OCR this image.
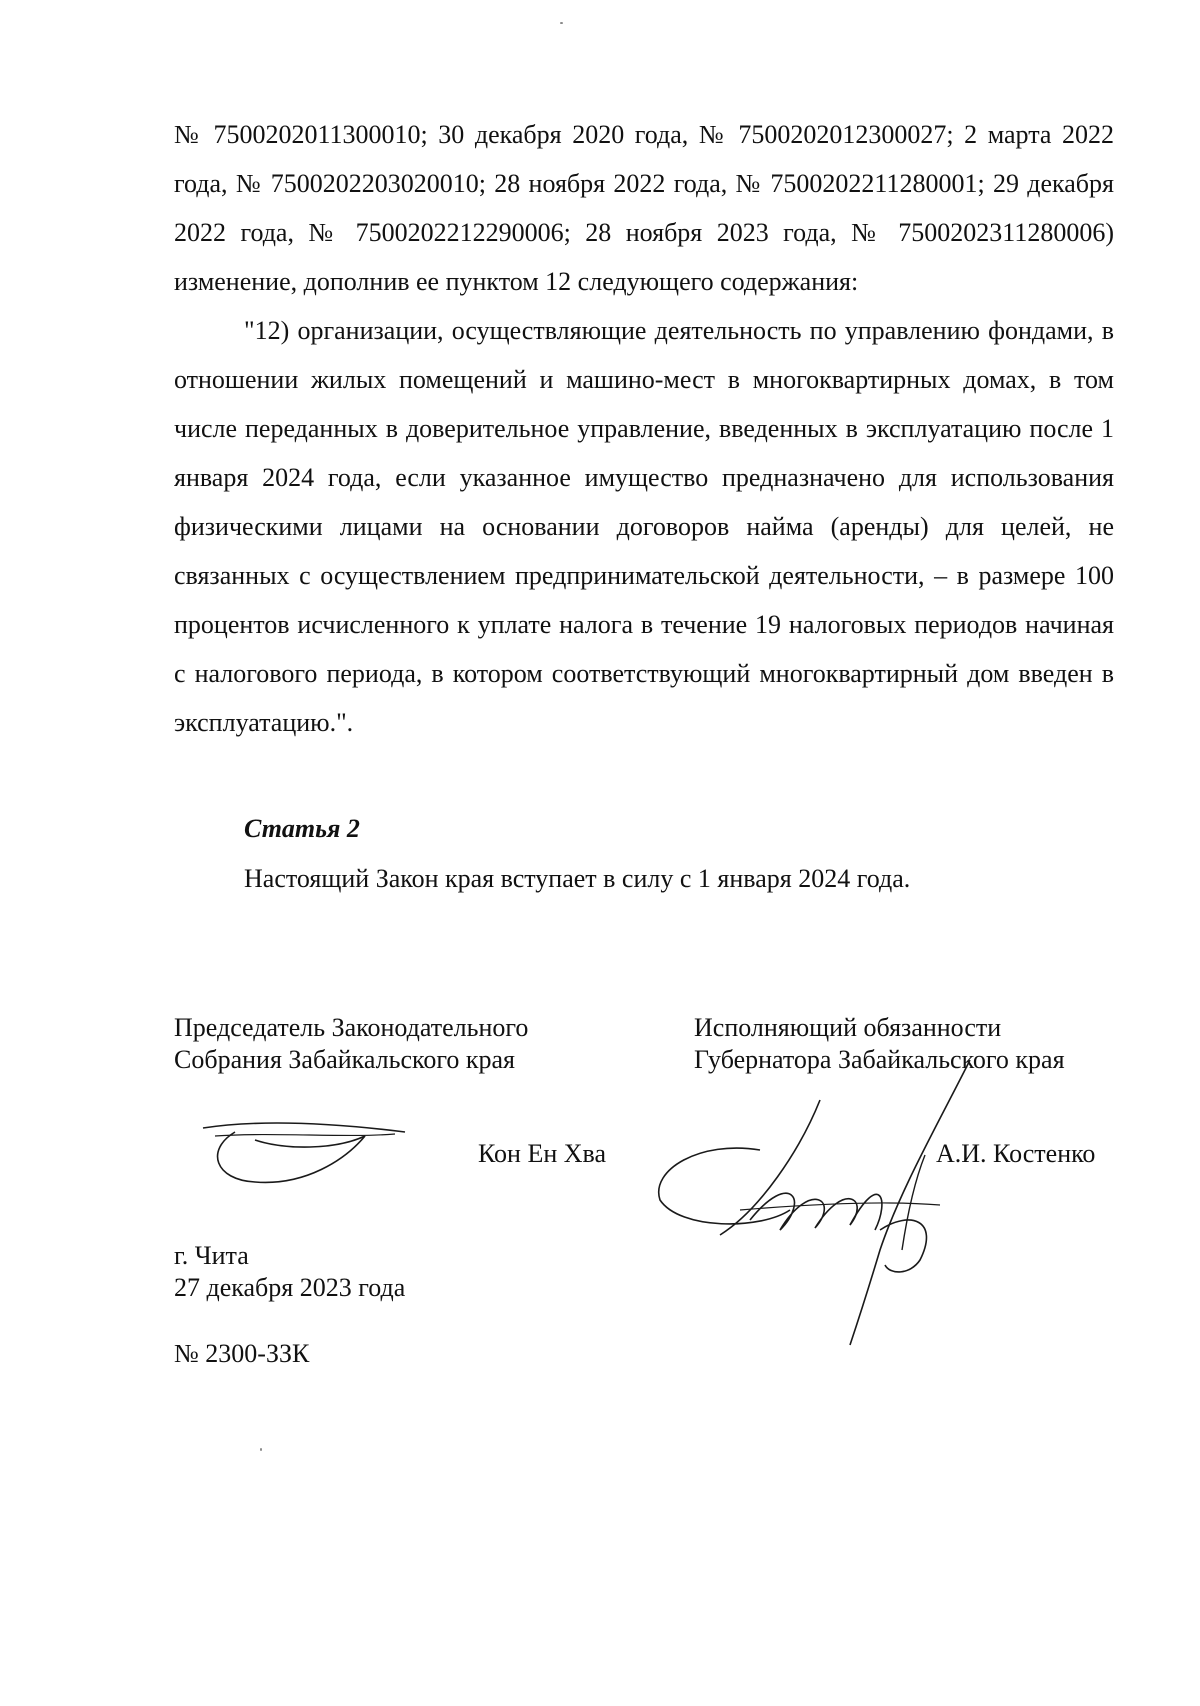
№ 7500202011300010; 30 декабря 2020 года, № 7500202012300027; 2 марта 2022 года, № 7500202203020010; 28 ноября 2022 года, № 7500202211280001; 29 декабря 2022 года, № 7500202212290006; 28 ноября 2023 года, № 7500202311280006) изменение, дополнив ее пунктом 12 следующего содержания:

"12) организации, осуществляющие деятельность по управлению фондами, в отношении жилых помещений и машино-мест в многоквартирных домах, в том числе переданных в доверительное управление, введенных в эксплуатацию после 1 января 2024 года, если указанное имущество предназначено для использования физическими лицами на основании договоров найма (аренды) для целей, не связанных с осуществлением предпринимательской деятельности, – в размере 100 процентов исчисленного к уплате налога в течение 19 налоговых периодов начиная с налогового периода, в котором соответствующий многоквартирный дом введен в эксплуатацию.".

Статья 2
Настоящий Закон края вступает в силу с 1 января 2024 года.
Председатель Законодательного
Собрания Забайкальского края
Исполняющий обязанности
Губернатора Забайкальского края
Кон Ен Хва	А.И. Костенко
г. Чита
27 декабря 2023 года
№ 2300-ЗЗК
